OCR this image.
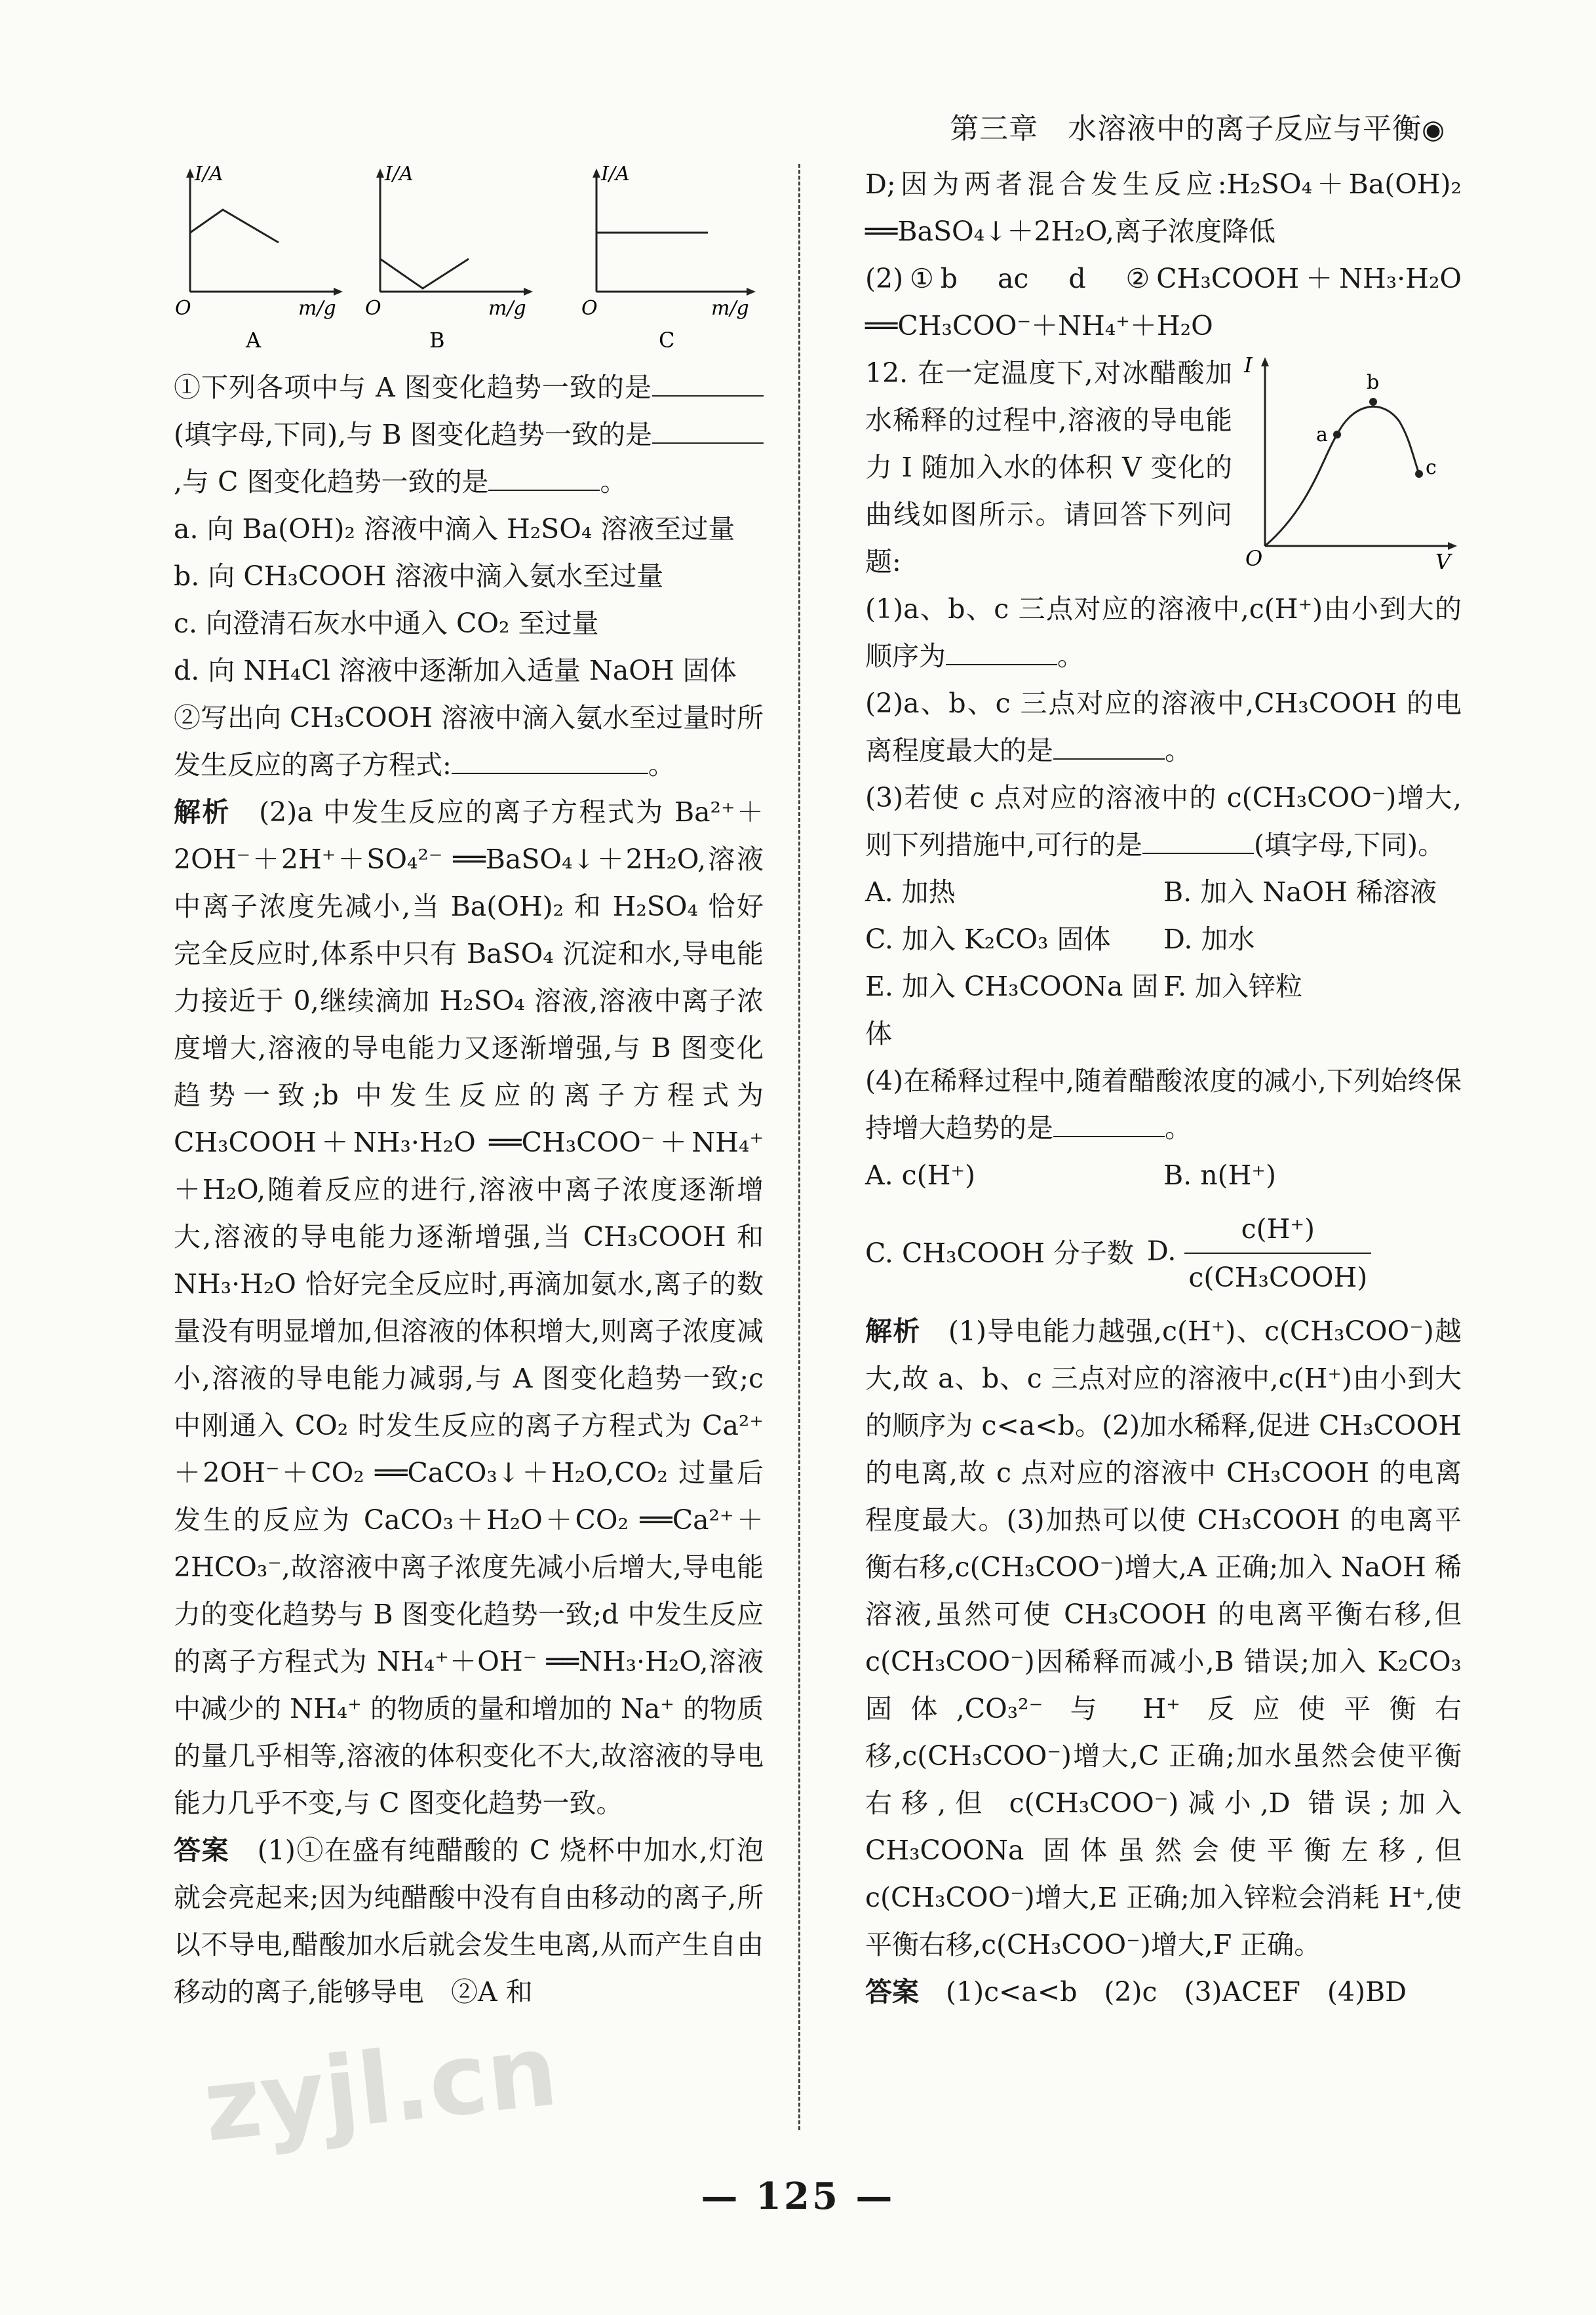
第三章　水溶液中的离子反应与平衡◉
I/A
O	m/g
A
I/A
O	m/g
B
I/A
O	m/g
C

①下列各项中与 A 图变化趋势一致的是(填字母,下同),与 B 图变化趋势一致的是,与 C 图变化趋势一致的是	。

a. 向 Ba(OH)₂ 溶液中滴入 H₂SO₄ 溶液至过量

b. 向 CH₃COOH 溶液中滴入氨水至过量

c. 向澄清石灰水中通入 CO₂ 至过量

d. 向 NH₄Cl 溶液中逐渐加入适量 NaOH 固体

②写出向 CH₃COOH 溶液中滴入氨水至过量时所发生反应的离子方程式:	。

解析　 (2)a 中发生反应的离子方程式为 Ba²⁺＋2OH⁻＋2H⁺＋SO₄²⁻ ══BaSO₄↓＋2H₂O,溶液中离子浓度先减小,当 Ba(OH)₂ 和 H₂SO₄ 恰好完全反应时,体系中只有 BaSO₄ 沉淀和水,导电能力接近于 0,继续滴加 H₂SO₄ 溶液,溶液中离子浓度增大,溶液的导电能力又逐渐增强,与 B 图变化趋势一致;b 中发生反应的离子方程式为 CH₃COOH＋NH₃·H₂O ══CH₃COO⁻＋NH₄⁺＋H₂O,随着反应的进行,溶液中离子浓度逐渐增大,溶液的导电能力逐渐增强,当 CH₃COOH 和 NH₃·H₂O 恰好完全反应时,再滴加氨水,离子的数量没有明显增加,但溶液的体积增大,则离子浓度减小,溶液的导电能力减弱,与 A 图变化趋势一致;c 中刚通入 CO₂ 时发生反应的离子方程式为 Ca²⁺＋2OH⁻＋CO₂ ══CaCO₃↓＋H₂O,CO₂ 过量后发生的反应为 CaCO₃＋H₂O＋CO₂ ══Ca²⁺＋2HCO₃⁻,故溶液中离子浓度先减小后增大,导电能力的变化趋势与 B 图变化趋势一致;d 中发生反应的离子方程式为 NH₄⁺＋OH⁻ ══NH₃·H₂O,溶液中减少的 NH₄⁺ 的物质的量和增加的 Na⁺ 的物质的量几乎相等,溶液的体积变化不大,故溶液的导电能力几乎不变,与 C 图变化趋势一致。

答案　 (1)①在盛有纯醋酸的 C 烧杯中加水,灯泡就会亮起来;因为纯醋酸中没有自由移动的离子,所以不导电,醋酸加水后就会发生电离,从而产生自由移动的离子,能够导电　②A 和

D;因为两者混合发生反应:H₂SO₄＋Ba(OH)₂ ══BaSO₄↓＋2H₂O,离子浓度降低

(2)①b　ac　d　②CH₃COOH＋NH₃·H₂O ══CH₃COO⁻＋NH₄⁺＋H₂O

I
O	V
a
b
c

12. 在一定温度下,对冰醋酸加水稀释的过程中,溶液的导电能力 I 随加入水的体积 V 变化的曲线如图所示。请回答下列问题:

(1)a、b、c 三点对应的溶液中,c(H⁺)由小到大的顺序为	。

(2)a、b、c 三点对应的溶液中,CH₃COOH 的电离程度最大的是	。

(3)若使 c 点对应的溶液中的 c(CH₃COO⁻)增大,则下列措施中,可行的是	(填字母,下同)。

A. 加热	B. 加入 NaOH 稀溶液
C. 加入 K₂CO₃ 固体	D. 加水
E. 加入 CH₃COONa 固体
F. 加入锌粒

(4)在稀释过程中,随着醋酸浓度的减小,下列始终保持增大趋势的是	。

A. c(H⁺)	B. n(H⁺)
C. CH₃COOH 分子数 D. $\frac{c(H^+)}{\text{c(CH₃COOH)}}$

解析　 (1)导电能力越强,c(H⁺)、c(CH₃COO⁻)越大,故 a、b、c 三点对应的溶液中,c(H⁺)由小到大的顺序为 c<a<b。(2)加水稀释,促进 CH₃COOH 的电离,故 c 点对应的溶液中 CH₃COOH 的电离程度最大。(3)加热可以使 CH₃COOH 的电离平衡右移,c(CH₃COO⁻)增大,A 正确;加入 NaOH 稀溶液,虽然可使 CH₃COOH 的电离平衡右移,但 c(CH₃COO⁻)因稀释而减小,B 错误;加入 K₂CO₃ 固体,CO₃²⁻ 与 H⁺ 反应使平衡右移,c(CH₃COO⁻)增大,C 正确;加水虽然会使平衡右移,但 c(CH₃COO⁻)减小,D 错误;加入 CH₃COONa 固体虽然会使平衡左移,但 c(CH₃COO⁻)增大,E 正确;加入锌粒会消耗 H⁺,使平衡右移,c(CH₃COO⁻)增大,F 正确。

答案　 (1)c<a<b　(2)c　(3)ACEF　(4)BD

zyjl.cn
— 125 —
